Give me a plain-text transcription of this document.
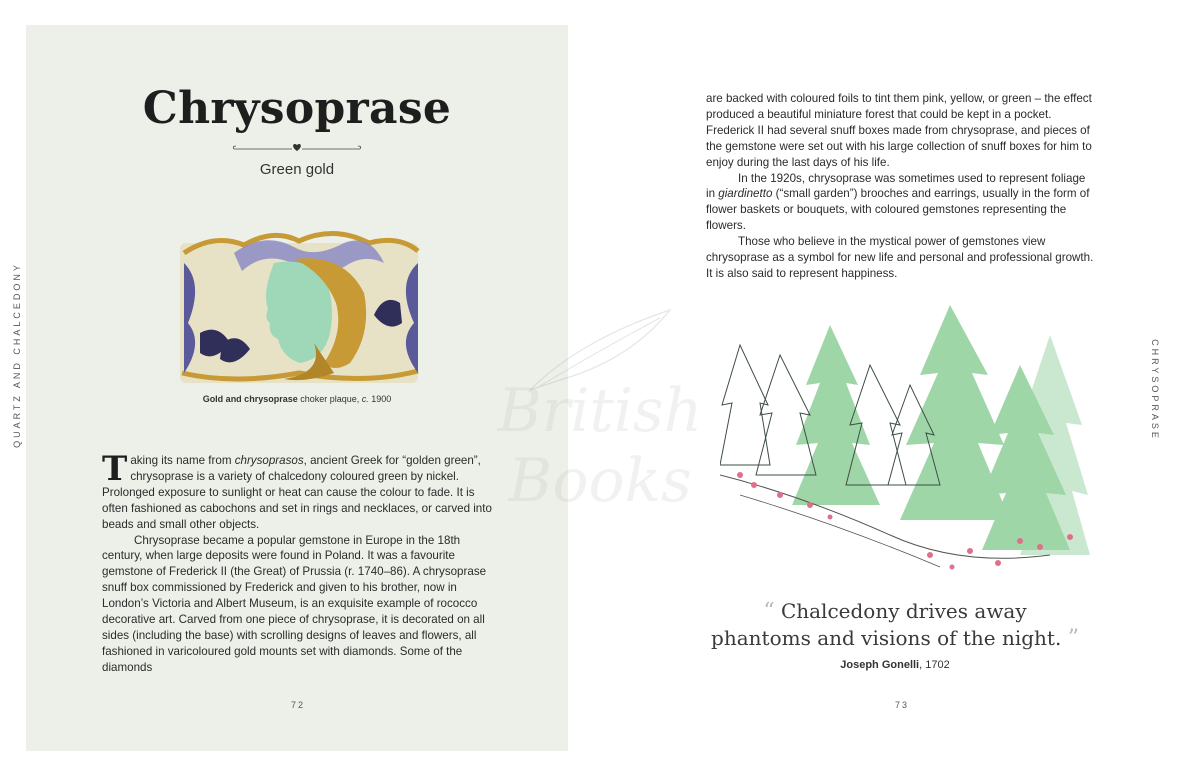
Chrysoprase
Green gold
Gold and chrysoprase choker plaque, c. 1900

Taking its name from chrysoprasos, ancient Greek for “golden green”, chrysoprase is a variety of chalcedony coloured green by nickel. Prolonged exposure to sunlight or heat can cause the colour to fade. It is often fashioned as cabochons and set in rings and necklaces, or carved into beads and small other objects.

Chrysoprase became a popular gemstone in Europe in the 18th century, when large deposits were found in Poland. It was a favourite gemstone of Frederick II (the Great) of Prussia (r. 1740–86). A chrysoprase snuff box commissioned by Frederick and given to his brother, now in London’s Victoria and Albert Museum, is an exquisite example of rococco decorative art. Carved from one piece of chrysoprase, it is decorated on all sides (including the base) with scrolling designs of leaves and flowers, all fashioned in varicoloured gold mounts set with diamonds. Some of the diamonds

QUARTZ AND CHALCEDONY
72

are backed with coloured foils to tint them pink, yellow, or green – the effect produced a beautiful miniature forest that could be kept in a pocket. Frederick II had several snuff boxes made from chrysoprase, and pieces of the gemstone were set out with his large collection of snuff boxes for him to enjoy during the last days of his life.

In the 1920s, chrysoprase was sometimes used to represent foliage in giardinetto (“small garden”) brooches and earrings, usually in the form of flower baskets or bouquets, with coloured gemstones representing the flowers.

Those who believe in the mystical power of gemstones view chrysoprase as a symbol for new life and personal and professional growth. It is also said to represent happiness.

“ Chalcedony drives away
phantoms and visions of the night. ”
Joseph Gonelli, 1702
CHRYSOPRASE
73
British Books
